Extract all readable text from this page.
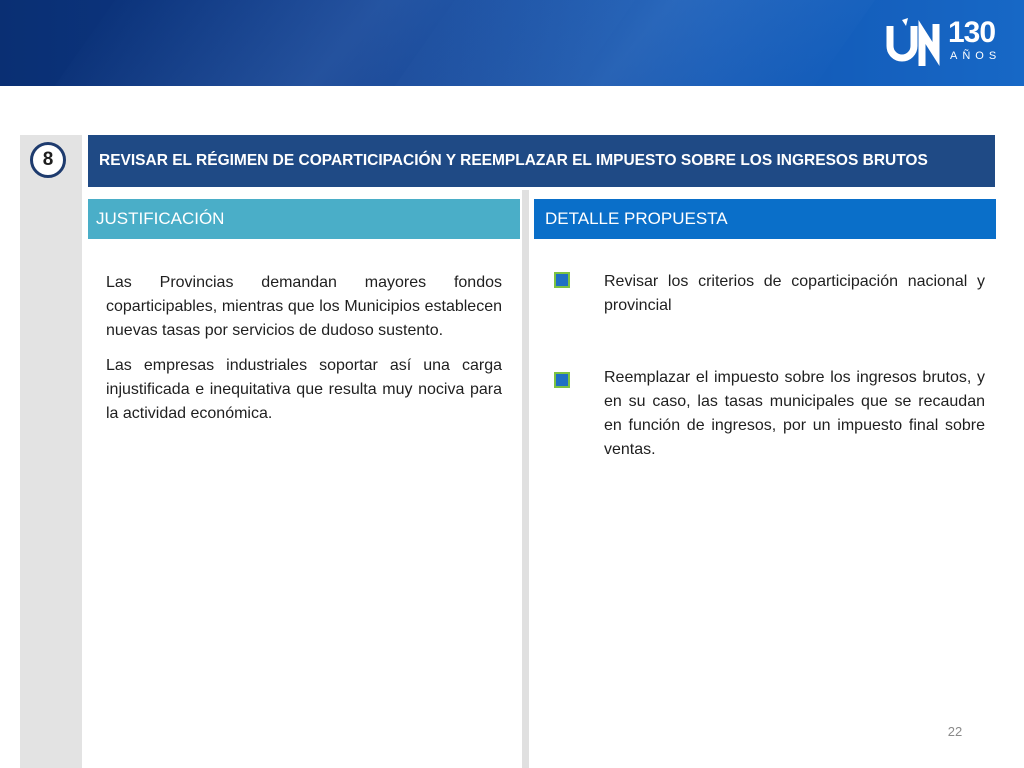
130
AÑOS
8	REVISAR EL RÉGIMEN DE COPARTICIPACIÓN Y REEMPLAZAR EL IMPUESTO SOBRE LOS INGRESOS BRUTOS
JUSTIFICACIÓN	DETALLE PROPUESTA

Las Provincias demandan mayores fondos coparticipables, mientras que los Municipios establecen nuevas tasas por servicios de dudoso sustento.

Las empresas industriales soportar así una carga injustificada e inequitativa que resulta muy nociva para la actividad económica.

Revisar los criterios de coparticipación nacional y provincial
Reemplazar el impuesto sobre los ingresos brutos, y en su caso, las tasas municipales que se recaudan en función de ingresos, por un impuesto final sobre ventas.
22
